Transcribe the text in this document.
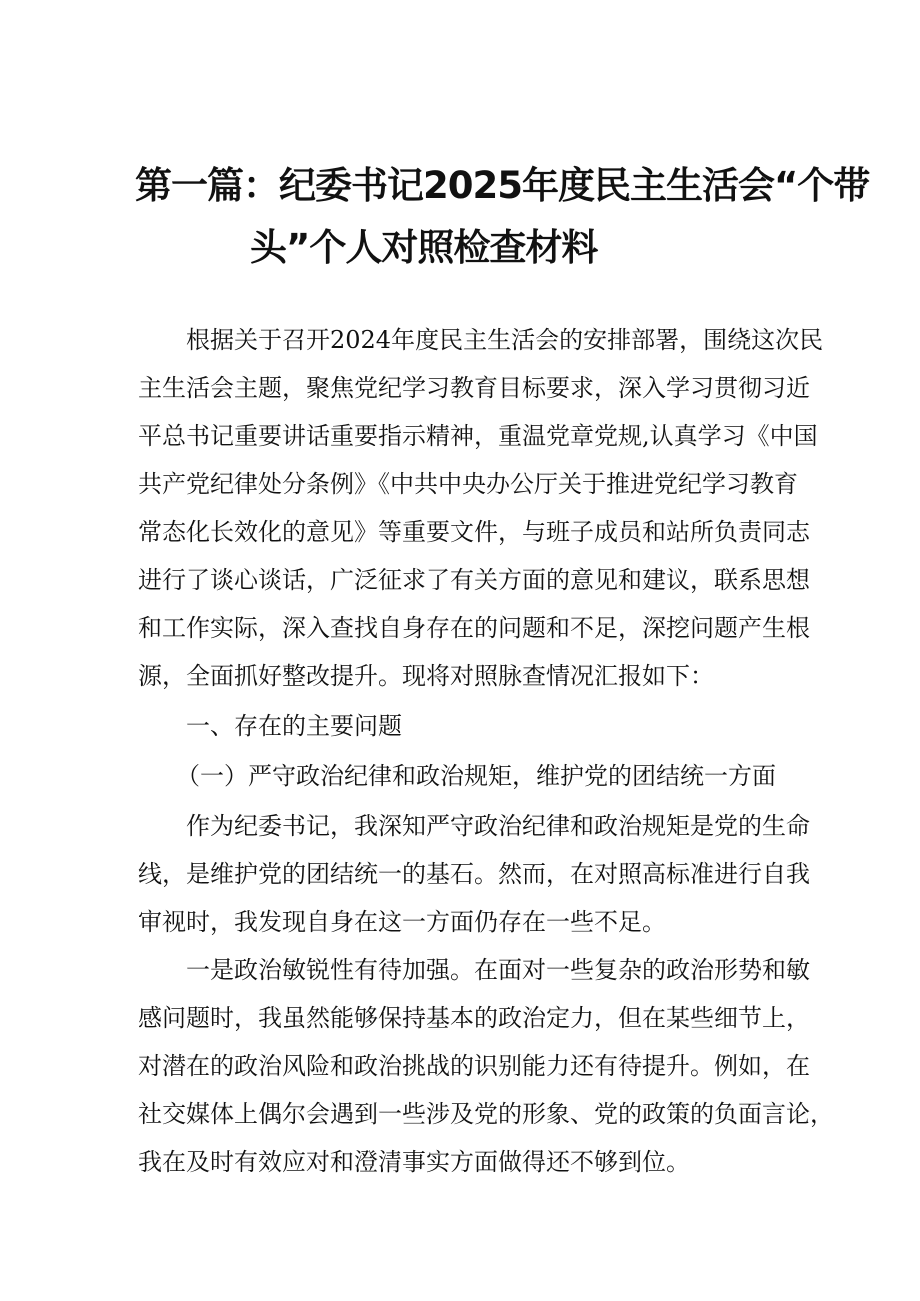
第一篇：纪委书记2025年度民主生活会“个带
头”个人对照检查材料
根据关于召开2024年度民主生活会的安排部署，围绕这次民
主生活会主题，聚焦党纪学习教育目标要求，深入学习贯彻习近
平总书记重要讲话重要指示精神，重温党章党规,认真学习《中国
共产党纪律处分条例》《中共中央办公厅关于推进党纪学习教育
常态化长效化的意见》等重要文件，与班子成员和站所负责同志
进行了谈心谈话，广泛征求了有关方面的意见和建议，联系思想
和工作实际，深入查找自身存在的问题和不足，深挖问题产生根
源，全面抓好整改提升。现将对照脉查情况汇报如下：
一、存在的主要问题
（一）严守政治纪律和政治规矩，维护党的团结统一方面
作为纪委书记，我深知严守政治纪律和政治规矩是党的生命
线，是维护党的团结统一的基石。然而，在对照高标准进行自我
审视时，我发现自身在这一方面仍存在一些不足。
一是政治敏锐性有待加强。在面对一些复杂的政治形势和敏
感问题时，我虽然能够保持基本的政治定力，但在某些细节上，
对潜在的政治风险和政治挑战的识别能力还有待提升。例如，在
社交媒体上偶尔会遇到一些涉及党的形象、党的政策的负面言论，
我在及时有效应对和澄清事实方面做得还不够到位。
